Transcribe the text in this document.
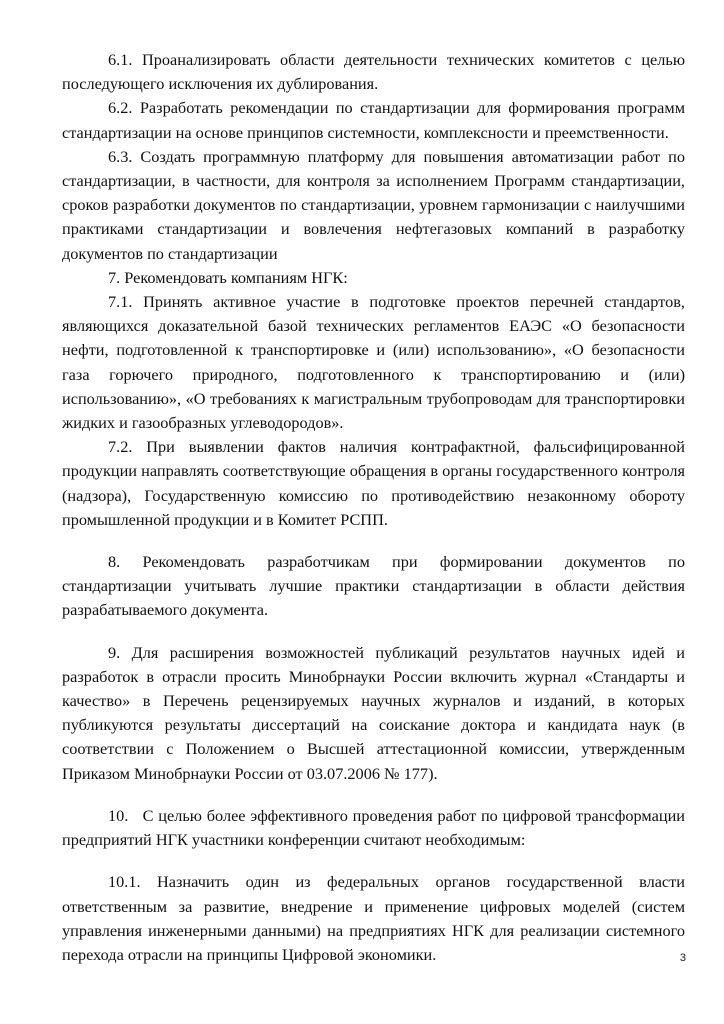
6.1. Проанализировать области деятельности технических комитетов с целью последующего исключения их дублирования.

6.2. Разработать рекомендации по стандартизации для формирования программ стандартизации на основе принципов системности, комплексности и преемственности.

6.3. Создать программную платформу для повышения автоматизации работ по стандартизации, в частности, для контроля за исполнением Программ стандартизации, сроков разработки документов по стандартизации, уровнем гармонизации с наилучшими практиками стандартизации и вовлечения нефтегазовых компаний в разработку документов по стандартизации

7. Рекомендовать компаниям НГК:

7.1. Принять активное участие в подготовке проектов перечней стандартов, являющихся доказательной базой технических регламентов ЕАЭС «О безопасности нефти, подготовленной к транспортировке и (или) использованию», «О безопасности газа горючего природного, подготовленного к транспортированию и (или) использованию», «О требованиях к магистральным трубопроводам для транспортировки жидких и газообразных углеводородов».

7.2. При выявлении фактов наличия контрафактной, фальсифицированной продукции направлять соответствующие обращения в органы государственного контроля (надзора), Государственную комиссию по противодействию незаконному обороту промышленной продукции и в Комитет РСПП.

8. Рекомендовать разработчикам при формировании документов по стандартизации учитывать лучшие практики стандартизации в области действия разрабатываемого документа.

9. Для расширения возможностей публикаций результатов научных идей и разработок в отрасли просить Минобрнауки России включить журнал «Стандарты и качество» в Перечень рецензируемых научных журналов и изданий, в которых публикуются результаты диссертаций на соискание доктора и кандидата наук (в соответствии с Положением о Высшей аттестационной комиссии, утвержденным Приказом Минобрнауки России от 03.07.2006 № 177).

10.   С целью более эффективного проведения работ по цифровой трансформации предприятий НГК участники конференции считают необходимым:

10.1. Назначить один из федеральных органов государственной власти ответственным за развитие, внедрение и применение цифровых моделей (систем управления инженерными данными) на предприятиях НГК для реализации системного перехода отрасли на принципы Цифровой экономики.	3
